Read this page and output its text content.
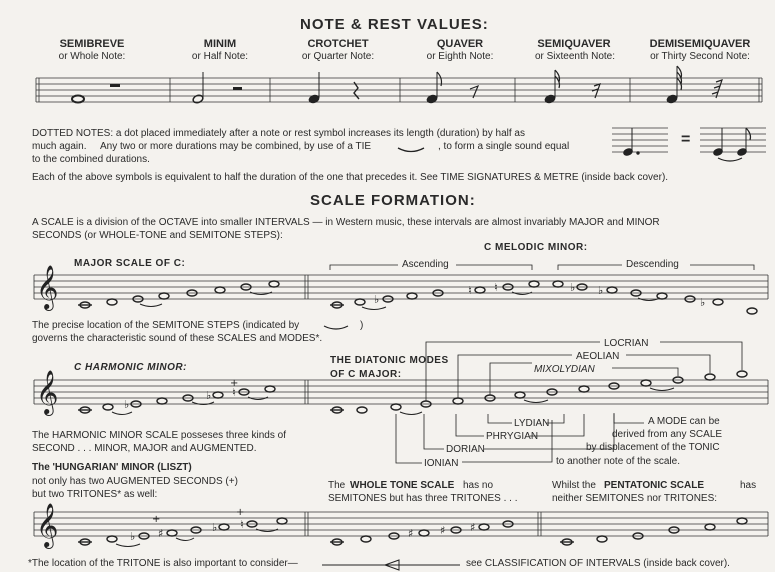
NOTE & REST VALUES:
SEMIBREVE
or Whole Note:
MINIM
or Half Note:
CROTCHET
or Quarter Note:
QUAVER
or Eighth Note:
SEMIQUAVER
or Sixteenth Note:
DEMISEMIQUAVER
or Thirty Second Note:
DOTTED NOTES: a dot placed immediately after a note or rest symbol increases its length (duration) by half as
much again. Any two or more durations may be combined, by use of a TIE	, to form a single sound equal
to the combined durations.
Each of the above symbols is equivalent to half the duration of the one that precedes it. See TIME SIGNATURES & METRE (inside back cover).
=
SCALE FORMATION:
A SCALE is a division of the OCTAVE into smaller INTERVALS — in Western music, these intervals are almost invariably MAJOR and MINOR
SECONDS (or WHOLE-TONE and SEMITONE STEPS):
MAJOR SCALE OF C:
C MELODIC MINOR:
Ascending	Descending
The precise location of the SEMITONE STEPS (indicated by	)
governs the characteristic sound of these SCALES and MODES*.
C HARMONIC MINOR:
The HARMONIC MINOR SCALE posseses three kinds of
SECOND . . . MINOR, MAJOR and AUGMENTED.
THE DIATONIC MODES
OF C MAJOR:
LOCRIAN
AEOLIAN
MIXOLYDIAN
LYDIAN
PHRYGIAN
DORIAN
IONIAN
A MODE can be
derived from any SCALE
by displacement of the TONIC
to another note of the scale.
The 'HUNGARIAN' MINOR (LISZT)
not only has two AUGMENTED SECONDS (+)
but two TRITONES* as well:
The WHOLE TONE SCALE has no
SEMITONES but has three TRITONES . . .
Whilst the PENTATONIC SCALE	has
neither SEMITONES nor TRITONES:
*The location of the TRITONE is also important to consider—	see CLASSIFICATION OF INTERVALS (inside back cover).
𝄞
𝄞
𝄞
♭
♮ ♮	♭ ♭
♭
♭
♭ ♮
+
♭ ♯	♭ ♮
+
+
♯ ♯ ♯
